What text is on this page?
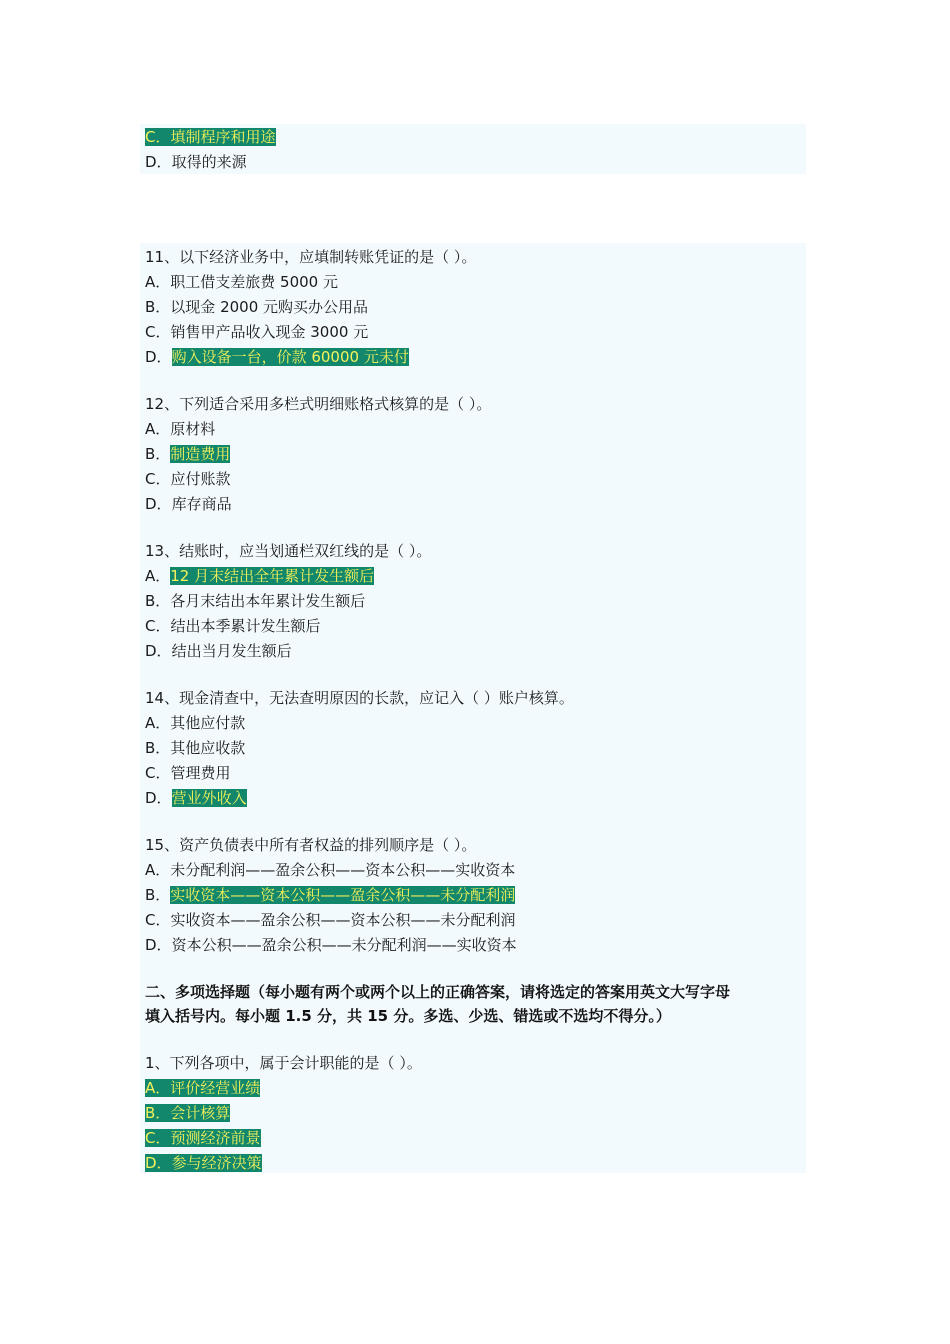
C．填制程序和用途
D．取得的来源
11、以下经济业务中，应填制转账凭证的是（ ）。
A．职工借支差旅费 5000 元
B．以现金 2000 元购买办公用品
C．销售甲产品收入现金 3000 元
D．购入设备一台，价款 60000 元未付
12、下列适合采用多栏式明细账格式核算的是（ ）。
A．原材料
B．制造费用
C．应付账款
D．库存商品
13、结账时，应当划通栏双红线的是（ ）。
A．12 月末结出全年累计发生额后
B．各月末结出本年累计发生额后
C．结出本季累计发生额后
D．结出当月发生额后
14、现金清查中，无法查明原因的长款，应记入（ ）账户核算。
A．其他应付款
B．其他应收款
C．管理费用
D．营业外收入
15、资产负债表中所有者权益的排列顺序是（ ）。
A．未分配利润——盈余公积——资本公积——实收资本
B．实收资本——资本公积——盈余公积——未分配利润
C．实收资本——盈余公积——资本公积——未分配利润
D．资本公积——盈余公积——未分配利润——实收资本
二、多项选择题（每小题有两个或两个以上的正确答案，请将选定的答案用英文大写字母
填入括号内。每小题 1.5 分，共 15 分。多选、少选、错选或不选均不得分。）
1、下列各项中，属于会计职能的是（ ）。
A．评价经营业绩
B．会计核算
C．预测经济前景
D．参与经济决策
